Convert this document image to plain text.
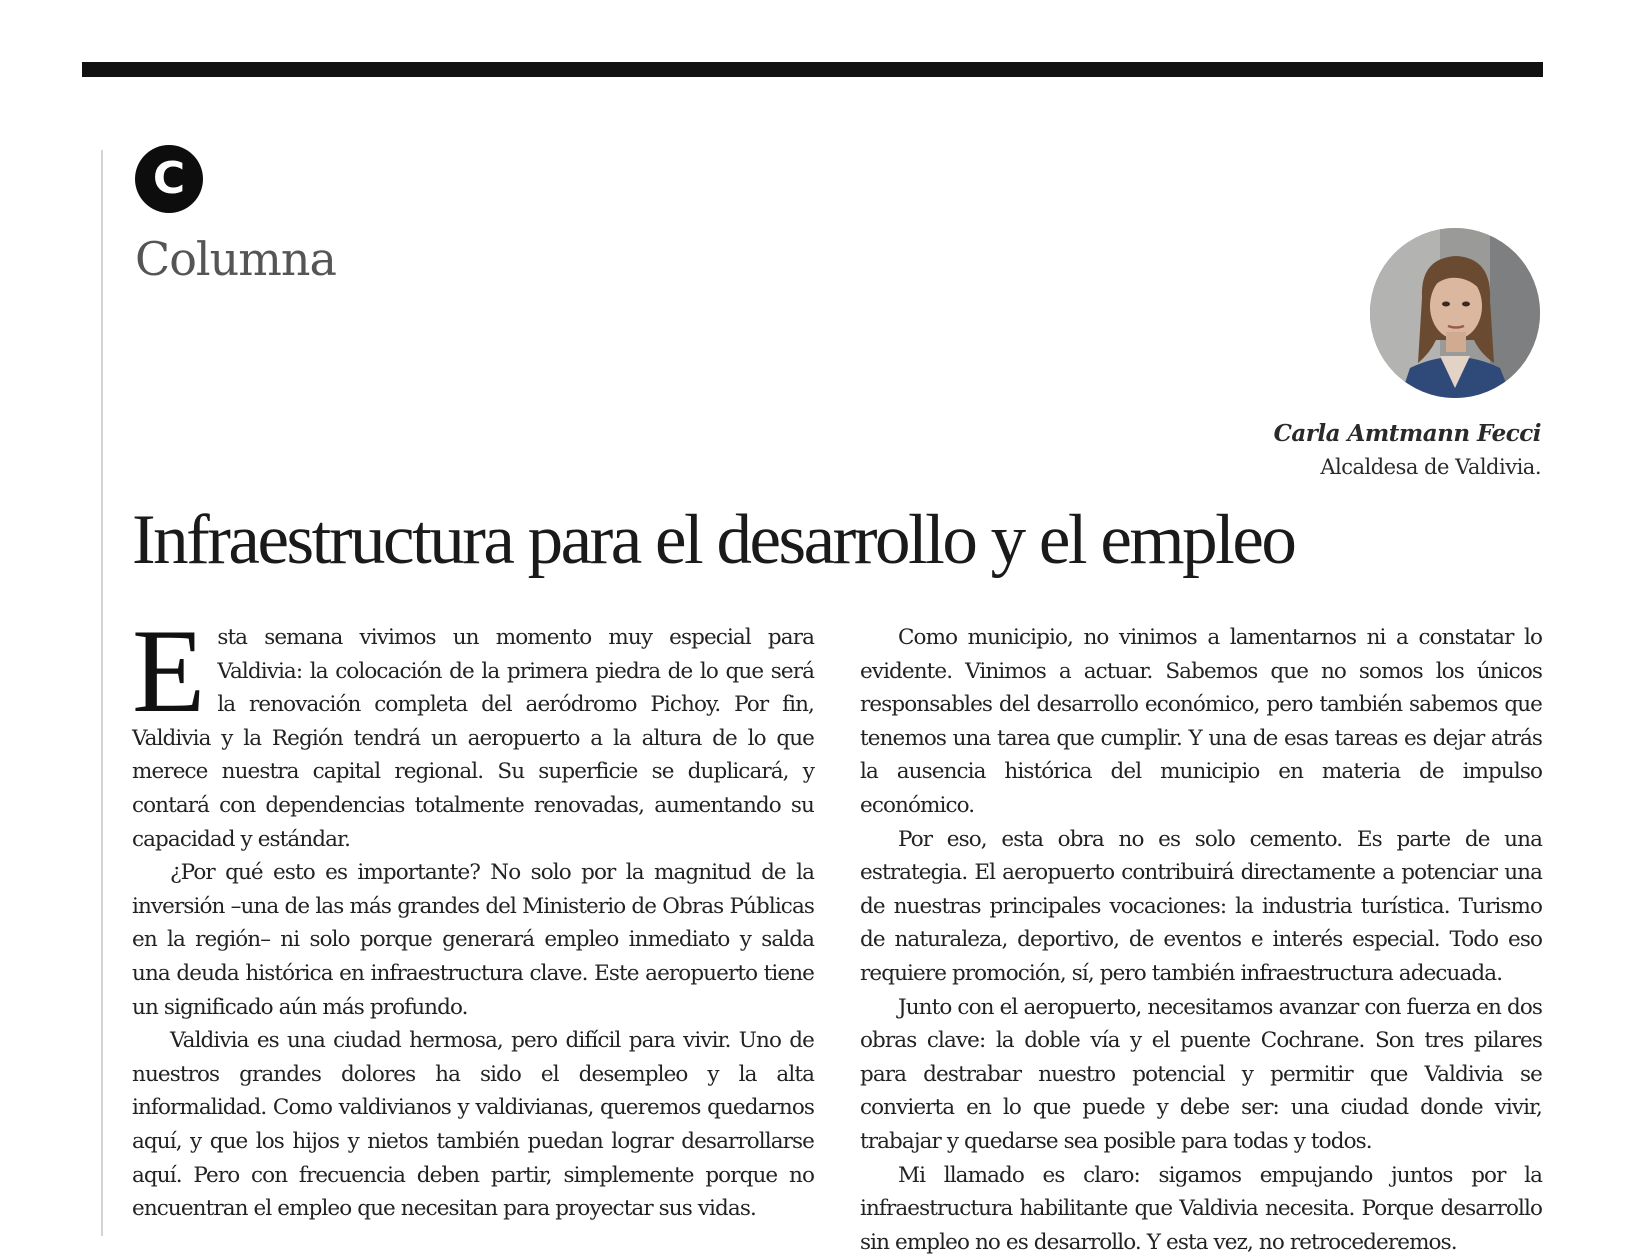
C
Columna
Carla Amtmann Fecci
Alcaldesa de Valdivia.
Infraestructura para el desarrollo y el empleo

Esta semana vivimos un momento muy especial para Valdivia: la colocación de la primera piedra de lo que será la renovación completa del aeródromo Pichoy. Por fin, Valdivia y la Región tendrá un aeropuerto a la altura de lo que merece nuestra capital regional. Su superficie se duplicará, y contará con dependencias totalmente renovadas, aumentando su capacidad y estándar.

¿Por qué esto es importante? No solo por la magnitud de la inversión –una de las más grandes del Ministerio de Obras Públicas en la región– ni solo porque generará empleo inmediato y salda una deuda histórica en infraestructura clave. Este aeropuerto tiene un significado aún más profundo.

Valdivia es una ciudad hermosa, pero difícil para vivir. Uno de nuestros grandes dolores ha sido el desempleo y la alta informalidad. Como valdivianos y valdivianas, queremos quedarnos aquí, y que los hijos y nietos también puedan lograr desarrollarse aquí. Pero con frecuencia deben partir, simplemente porque no encuentran el empleo que necesitan para proyectar sus vidas.

Como municipio, no vinimos a lamentarnos ni a constatar lo evidente. Vinimos a actuar. Sabemos que no somos los únicos responsables del desarrollo económico, pero también sabemos que tenemos una tarea que cumplir. Y una de esas tareas es dejar atrás la ausencia histórica del municipio en materia de impulso económico.

Por eso, esta obra no es solo cemento. Es parte de una estrategia. El aeropuerto contribuirá directamente a potenciar una de nuestras principales vocaciones: la industria turística. Turismo de naturaleza, deportivo, de eventos e interés especial. Todo eso requiere promoción, sí, pero también infraestructura adecuada.

Junto con el aeropuerto, necesitamos avanzar con fuerza en dos obras clave: la doble vía y el puente Cochrane. Son tres pilares para destrabar nuestro potencial y permitir que Valdivia se convierta en lo que puede y debe ser: una ciudad donde vivir, trabajar y quedarse sea posible para todas y todos.

Mi llamado es claro: sigamos empujando juntos por la infraestructura habilitante que Valdivia necesita. Porque desarrollo sin empleo no es desarrollo. Y esta vez, no retrocederemos.
